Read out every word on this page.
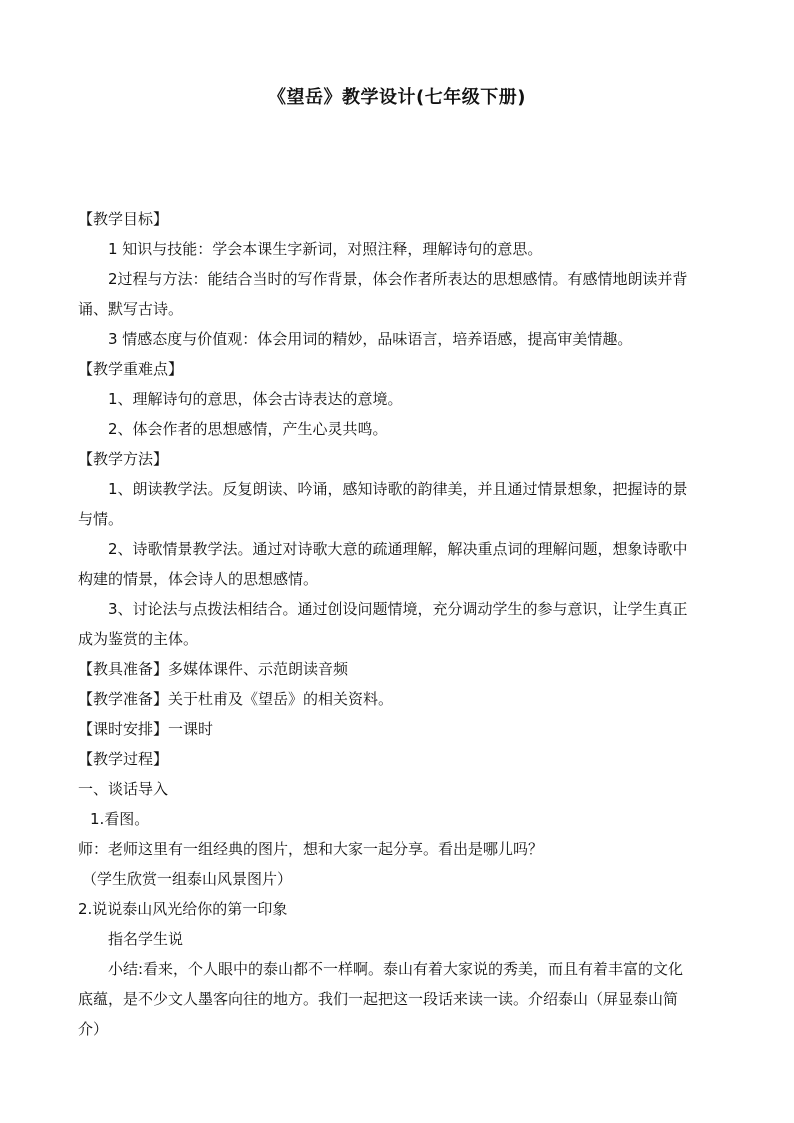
《望岳》教学设计(七年级下册)
【教学目标】
1 知识与技能：学会本课生字新词，对照注释，理解诗句的意思。
2过程与方法：能结合当时的写作背景，体会作者所表达的思想感情。有感情地朗读并背
诵、默写古诗。
3 情感态度与价值观：体会用词的精妙，品味语言，培养语感，提高审美情趣。
【教学重难点】
1、理解诗句的意思，体会古诗表达的意境。
2、体会作者的思想感情，产生心灵共鸣。
【教学方法】
1、朗读教学法。反复朗读、吟诵，感知诗歌的韵律美，并且通过情景想象，把握诗的景
与情。
2、诗歌情景教学法。通过对诗歌大意的疏通理解，解决重点词的理解问题，想象诗歌中
构建的情景，体会诗人的思想感情。
3、讨论法与点拨法相结合。通过创设问题情境，充分调动学生的参与意识，让学生真正
成为鉴赏的主体。
【教具准备】多媒体课件、示范朗读音频
【教学准备】关于杜甫及《望岳》的相关资料。
【课时安排】一课时
【教学过程】
一、谈话导入
1.看图。
师：老师这里有一组经典的图片，想和大家一起分享。看出是哪儿吗？
（学生欣赏一组泰山风景图片）
2.说说泰山风光给你的第一印象
指名学生说
小结:看来，个人眼中的泰山都不一样啊。泰山有着大家说的秀美，而且有着丰富的文化
底蕴，是不少文人墨客向往的地方。我们一起把这一段话来读一读。介绍泰山（屏显泰山简
介）
